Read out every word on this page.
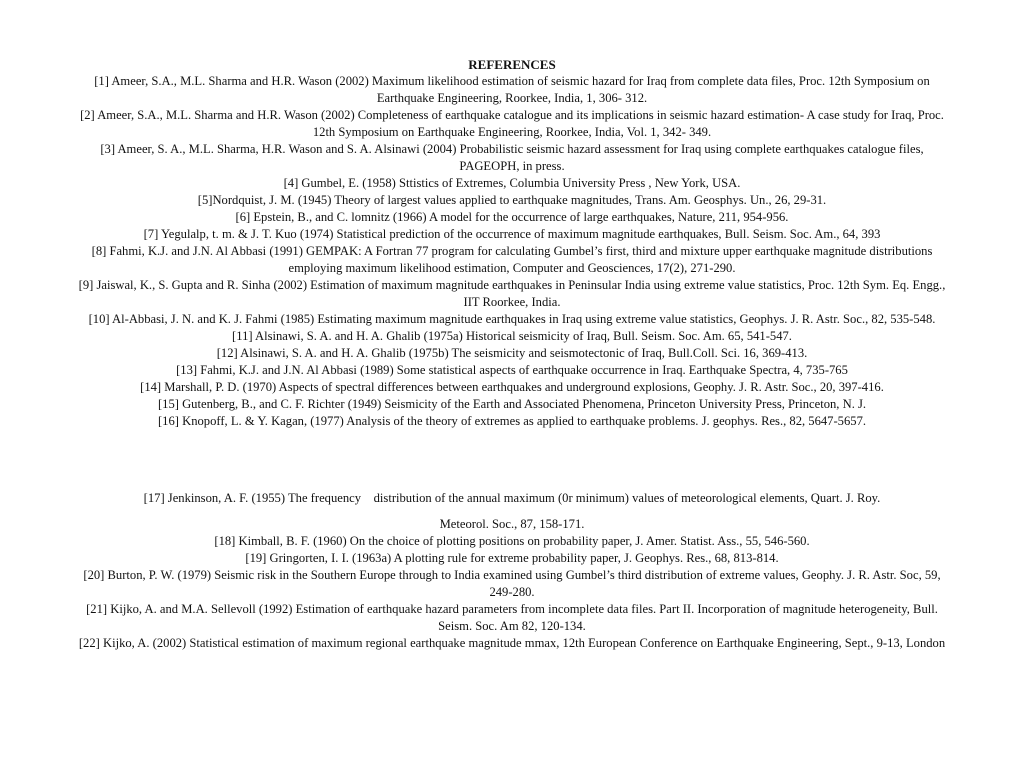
REFERENCES

[1] Ameer, S.A., M.L. Sharma and H.R. Wason (2002) Maximum likelihood estimation of seismic hazard for Iraq from complete data files, Proc. 12th Symposium on Earthquake Engineering, Roorkee, India, 1, 306- 312.

[2] Ameer, S.A., M.L. Sharma and H.R. Wason (2002) Completeness of earthquake catalogue and its implications in seismic hazard estimation- A case study for Iraq, Proc. 12th Symposium on Earthquake Engineering, Roorkee, India, Vol. 1, 342- 349.

[3] Ameer, S. A., M.L. Sharma, H.R. Wason and S. A. Alsinawi (2004) Probabilistic seismic hazard assessment for Iraq using complete earthquakes catalogue files, PAGEOPH, in press.

[4] Gumbel, E. (1958) Sttistics of Extremes, Columbia University Press , New York, USA.

[5]Nordquist, J. M. (1945) Theory of largest values applied to earthquake magnitudes, Trans. Am. Geosphys. Un., 26, 29-31.

[6] Epstein, B., and C. lomnitz (1966) A model for the occurrence of large earthquakes, Nature, 211, 954-956.

[7] Yegulalp, t. m. & J. T. Kuo (1974) Statistical prediction of the occurrence of maximum magnitude earthquakes, Bull. Seism. Soc. Am., 64, 393

[8] Fahmi, K.J. and J.N. Al Abbasi (1991) GEMPAK: A Fortran 77 program for calculating Gumbel’s first, third and mixture upper earthquake magnitude distributions employing maximum likelihood estimation, Computer and Geosciences, 17(2), 271-290.

[9] Jaiswal, K., S. Gupta and R. Sinha (2002) Estimation of maximum magnitude earthquakes in Peninsular India using extreme value statistics, Proc. 12th Sym. Eq. Engg., IIT Roorkee, India.

[10] Al-Abbasi, J. N. and K. J. Fahmi (1985) Estimating maximum magnitude earthquakes in Iraq using extreme value statistics, Geophys. J. R. Astr. Soc., 82, 535-548.

[11] Alsinawi, S. A. and H. A. Ghalib (1975a) Historical seismicity of Iraq, Bull. Seism. Soc. Am. 65, 541-547.

[12] Alsinawi, S. A. and H. A. Ghalib (1975b) The seismicity and seismotectonic of Iraq, Bull.Coll. Sci. 16, 369-413.

[13] Fahmi, K.J. and J.N. Al Abbasi (1989) Some statistical aspects of earthquake occurrence in Iraq. Earthquake Spectra, 4, 735-765

[14] Marshall, P. D. (1970) Aspects of spectral differences between earthquakes and underground explosions, Geophy. J. R. Astr. Soc., 20, 397-416.

[15] Gutenberg, B., and C. F. Richter (1949) Seismicity of the Earth and Associated Phenomena, Princeton University Press, Princeton, N. J.

[16] Knopoff, L. & Y. Kagan, (1977) Analysis of the theory of extremes as applied to earthquake problems. J. geophys. Res., 82, 5647-5657.

[17] Jenkinson, A. F. (1955) The frequency    distribution of the annual maximum (0r minimum) values of meteorological elements, Quart. J. Roy.
Meteorol. Soc., 87, 158-171.

[18] Kimball, B. F. (1960) On the choice of plotting positions on probability paper, J. Amer. Statist. Ass., 55, 546-560.

[19] Gringorten, I. I. (1963a) A plotting rule for extreme probability paper, J. Geophys. Res., 68, 813-814.

[20] Burton, P. W. (1979) Seismic risk in the Southern Europe through to India examined using Gumbel’s third distribution of extreme values, Geophy. J. R. Astr. Soc, 59, 249-280.

[21] Kijko, A. and M.A. Sellevoll (1992) Estimation of earthquake hazard parameters from incomplete data files. Part II. Incorporation of magnitude heterogeneity, Bull. Seism. Soc. Am 82, 120-134.

[22] Kijko, A. (2002) Statistical estimation of maximum regional earthquake magnitude mmax, 12th European Conference on Earthquake Engineering, Sept., 9-13, London
